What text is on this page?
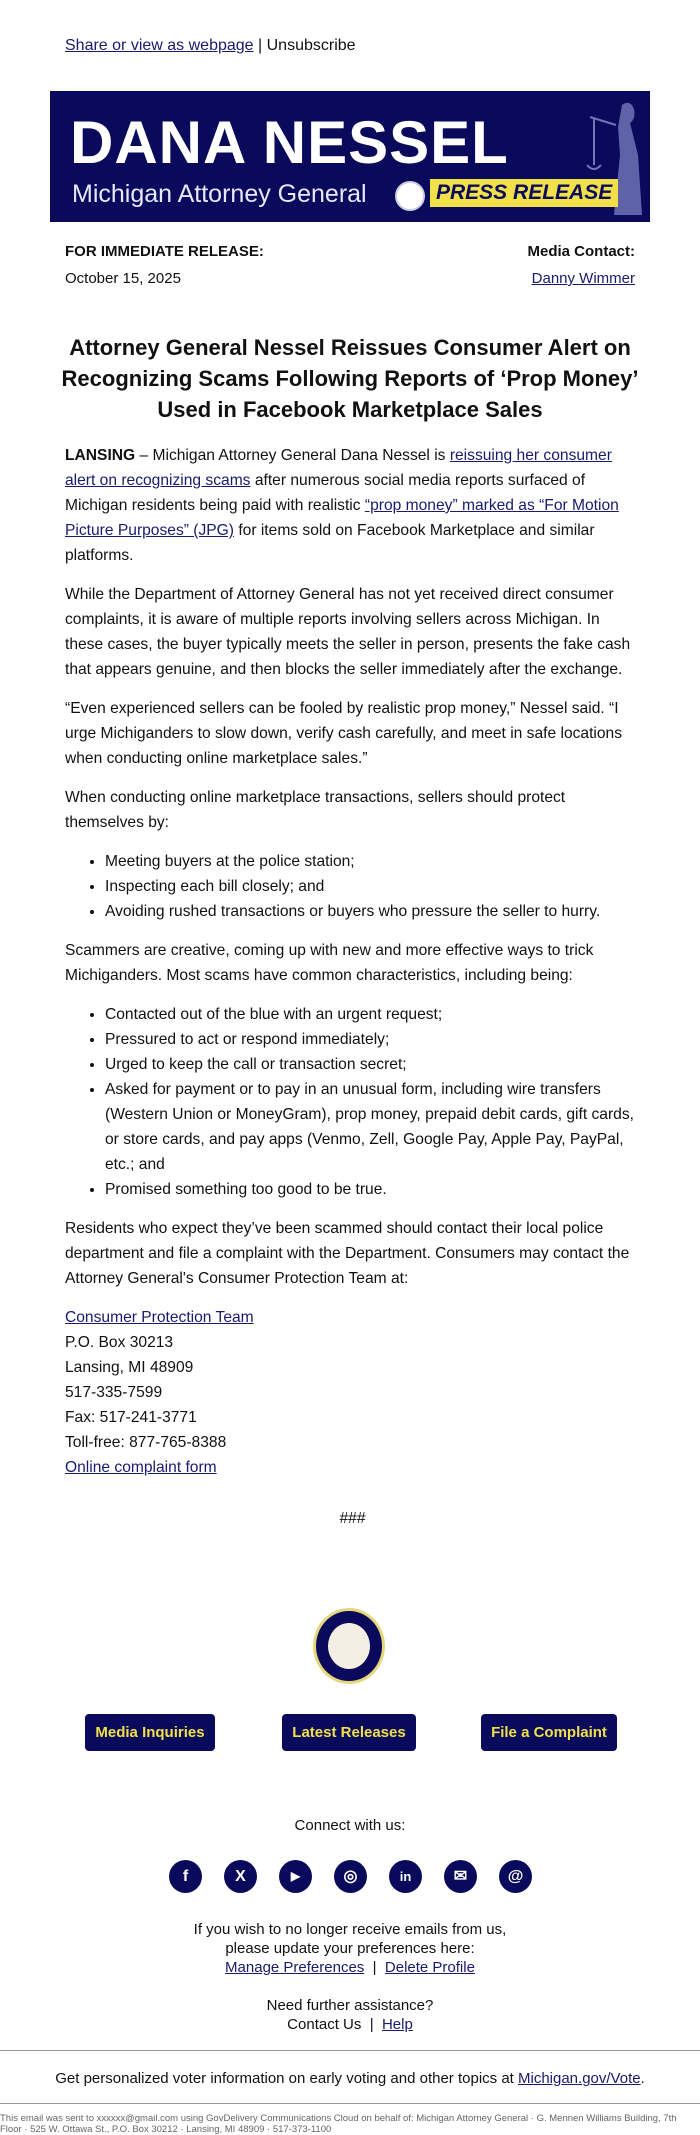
Share or view as webpage | Unsubscribe
DANA NESSEL
Michigan Attorney General	PRESS RELEASE
FOR IMMEDIATE RELEASE:
October 15, 2025
Media Contact:
Danny Wimmer
Attorney General Nessel Reissues Consumer Alert on Recognizing Scams Following Reports of ‘Prop Money’ Used in Facebook Marketplace Sales

LANSING – Michigan Attorney General Dana Nessel is reissuing her consumer alert on recognizing scams after numerous social media reports surfaced of Michigan residents being paid with realistic “prop money” marked as “For Motion Picture Purposes” (JPG) for items sold on Facebook Marketplace and similar platforms.

While the Department of Attorney General has not yet received direct consumer complaints, it is aware of multiple reports involving sellers across Michigan. In these cases, the buyer typically meets the seller in person, presents the fake cash that appears genuine, and then blocks the seller immediately after the exchange.

“Even experienced sellers can be fooled by realistic prop money,” Nessel said. “I urge Michiganders to slow down, verify cash carefully, and meet in safe locations when conducting online marketplace sales.”

When conducting online marketplace transactions, sellers should protect themselves by:

• Meeting buyers at the police station;
• Inspecting each bill closely; and
• Avoiding rushed transactions or buyers who pressure the seller to hurry.

Scammers are creative, coming up with new and more effective ways to trick Michiganders. Most scams have common characteristics, including being:

• Contacted out of the blue with an urgent request;
• Pressured to act or respond immediately;
• Urged to keep the call or transaction secret;
• Asked for payment or to pay in an unusual form, including wire transfers (Western Union or MoneyGram), prop money, prepaid debit cards, gift cards, or store cards, and pay apps (Venmo, Zell, Google Pay, Apple Pay, PayPal, etc.; and
• Promised something too good to be true.

Residents who expect they’ve been scammed should contact their local police department and file a complaint with the Department. Consumers may contact the Attorney General's Consumer Protection Team at:

Consumer Protection Team
P.O. Box 30213
Lansing, MI 48909
517-335-7599
Fax: 517-241-3771
Toll-free: 877-765-8388
Online complaint form
###
Media Inquiries	Latest Releases	File a Complaint
Connect with us:
f	X	▶	◎	in	✉	@
If you wish to no longer receive emails from us,
please update your preferences here:
Manage Preferences | Delete Profile
Need further assistance?
Contact Us | Help
Get personalized voter information on early voting and other topics at Michigan.gov/Vote.
This email was sent to xxxxxx@gmail.com using GovDelivery Communications Cloud on behalf of: Michigan Attorney General · G. Mennen Williams Building, 7th Floor · 525 W. Ottawa St., P.O. Box 30212 · Lansing, MI 48909 · 517-373-1100
